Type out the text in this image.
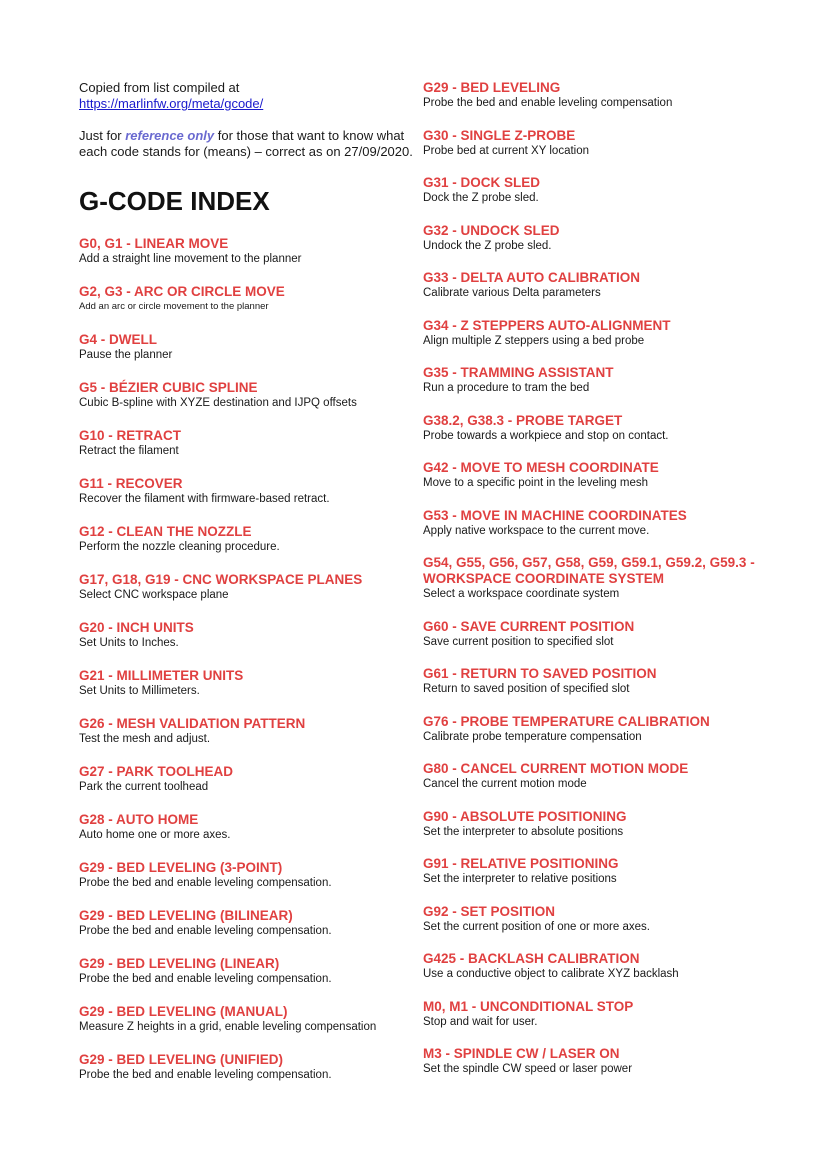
Copied from list compiled at
https://marlinfw.org/meta/gcode/

Just for reference only for those that want to know what each code stands for (means) – correct as on 27/09/2020.

G-CODE INDEX
G0, G1 - LINEAR MOVE
Add a straight line movement to the planner
G2, G3 - ARC OR CIRCLE MOVE
Add an arc or circle movement to the planner
G4 - DWELL
Pause the planner
G5 - BÉZIER CUBIC SPLINE
Cubic B-spline with XYZE destination and IJPQ offsets
G10 - RETRACT
Retract the filament
G11 - RECOVER
Recover the filament with firmware-based retract.
G12 - CLEAN THE NOZZLE
Perform the nozzle cleaning procedure.
G17, G18, G19 - CNC WORKSPACE PLANES
Select CNC workspace plane
G20 - INCH UNITS
Set Units to Inches.
G21 - MILLIMETER UNITS
Set Units to Millimeters.
G26 - MESH VALIDATION PATTERN
Test the mesh and adjust.
G27 - PARK TOOLHEAD
Park the current toolhead
G28 - AUTO HOME
Auto home one or more axes.
G29 - BED LEVELING (3-POINT)
Probe the bed and enable leveling compensation.
G29 - BED LEVELING (BILINEAR)
Probe the bed and enable leveling compensation.
G29 - BED LEVELING (LINEAR)
Probe the bed and enable leveling compensation.
G29 - BED LEVELING (MANUAL)
Measure Z heights in a grid, enable leveling compensation
G29 - BED LEVELING (UNIFIED)
Probe the bed and enable leveling compensation.
G29 - BED LEVELING
Probe the bed and enable leveling compensation
G30 - SINGLE Z-PROBE
Probe bed at current XY location
G31 - DOCK SLED
Dock the Z probe sled.
G32 - UNDOCK SLED
Undock the Z probe sled.
G33 - DELTA AUTO CALIBRATION
Calibrate various Delta parameters
G34 - Z STEPPERS AUTO-ALIGNMENT
Align multiple Z steppers using a bed probe
G35 - TRAMMING ASSISTANT
Run a procedure to tram the bed
G38.2, G38.3 - PROBE TARGET
Probe towards a workpiece and stop on contact.
G42 - MOVE TO MESH COORDINATE
Move to a specific point in the leveling mesh
G53 - MOVE IN MACHINE COORDINATES
Apply native workspace to the current move.
G54, G55, G56, G57, G58, G59, G59.1, G59.2, G59.3 - WORKSPACE COORDINATE SYSTEM
Select a workspace coordinate system
G60 - SAVE CURRENT POSITION
Save current position to specified slot
G61 - RETURN TO SAVED POSITION
Return to saved position of specified slot
G76 - PROBE TEMPERATURE CALIBRATION
Calibrate probe temperature compensation
G80 - CANCEL CURRENT MOTION MODE
Cancel the current motion mode
G90 - ABSOLUTE POSITIONING
Set the interpreter to absolute positions
G91 - RELATIVE POSITIONING
Set the interpreter to relative positions
G92 - SET POSITION
Set the current position of one or more axes.
G425 - BACKLASH CALIBRATION
Use a conductive object to calibrate XYZ backlash
M0, M1 - UNCONDITIONAL STOP
Stop and wait for user.
M3 - SPINDLE CW / LASER ON
Set the spindle CW speed or laser power
